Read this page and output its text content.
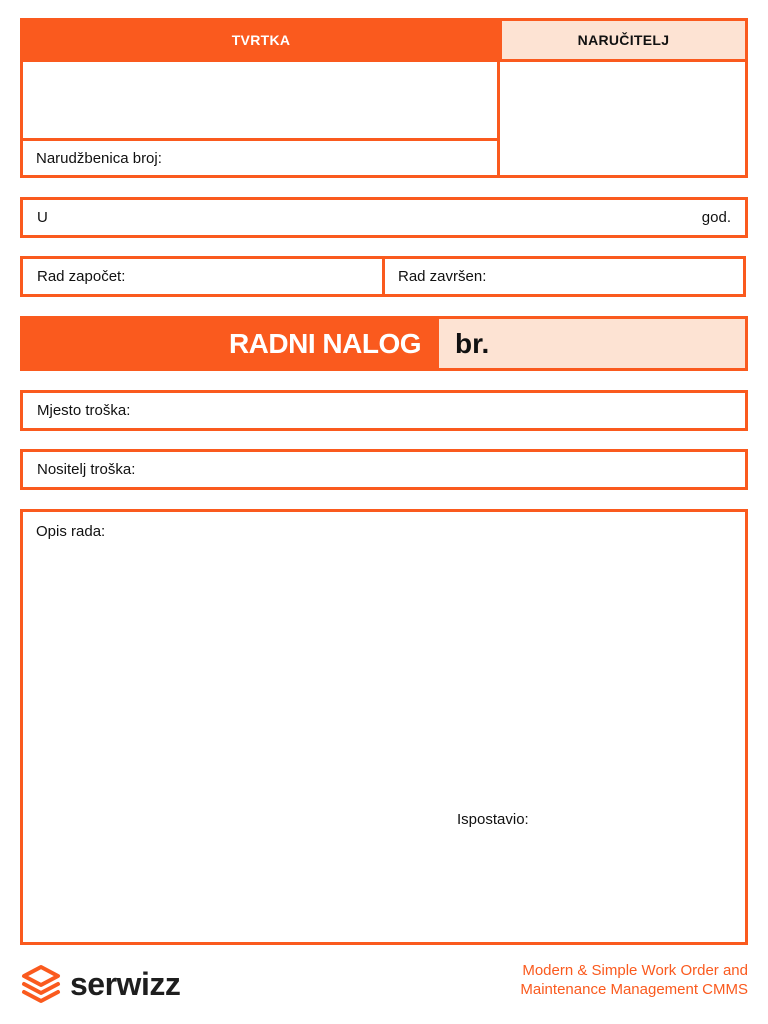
TVRTKA	NARUČITELJ
Narudžbenica broj:
U	god.
Rad započet:	Rad završen:
RADNI NALOG br.
Mjesto troška:
Nositelj troška:
Opis rada:
Ispostavio:
serwizz	Modern & Simple Work Order and
Maintenance Management CMMS
